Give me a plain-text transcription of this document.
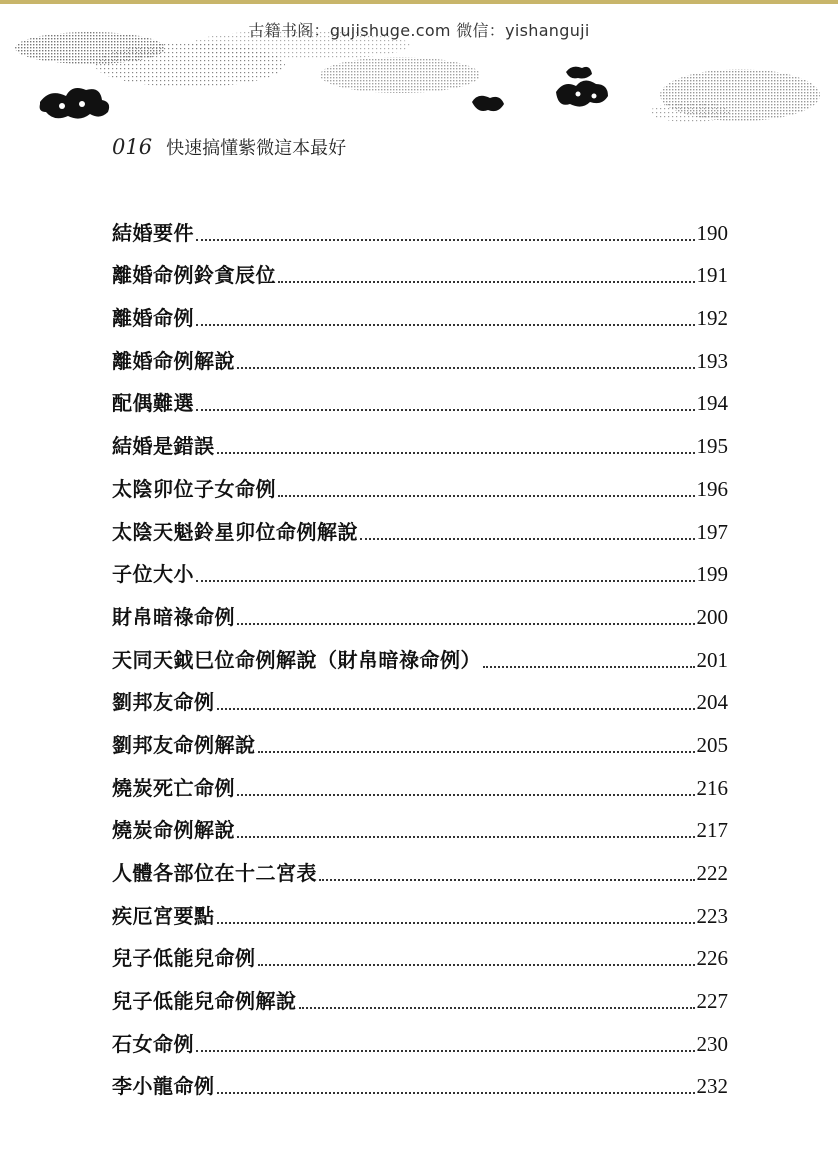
古籍书阁：gujishuge.com 微信：yishanguji
016 快速搞懂紫微這本最好
結婚要件	190
離婚命例鈴貪辰位	191
離婚命例	192
離婚命例解說	193
配偶難選	194
結婚是錯誤	195
太陰卯位子女命例	196
太陰天魁鈴星卯位命例解說	197
子位大小	199
財帛暗祿命例	200
天同天鉞巳位命例解說（財帛暗祿命例）	201
劉邦友命例	204
劉邦友命例解說	205
燒炭死亡命例	216
燒炭命例解說	217
人體各部位在十二宮表	222
疾厄宮要點	223
兒子低能兒命例	226
兒子低能兒命例解說	227
石女命例	230
李小龍命例	232
